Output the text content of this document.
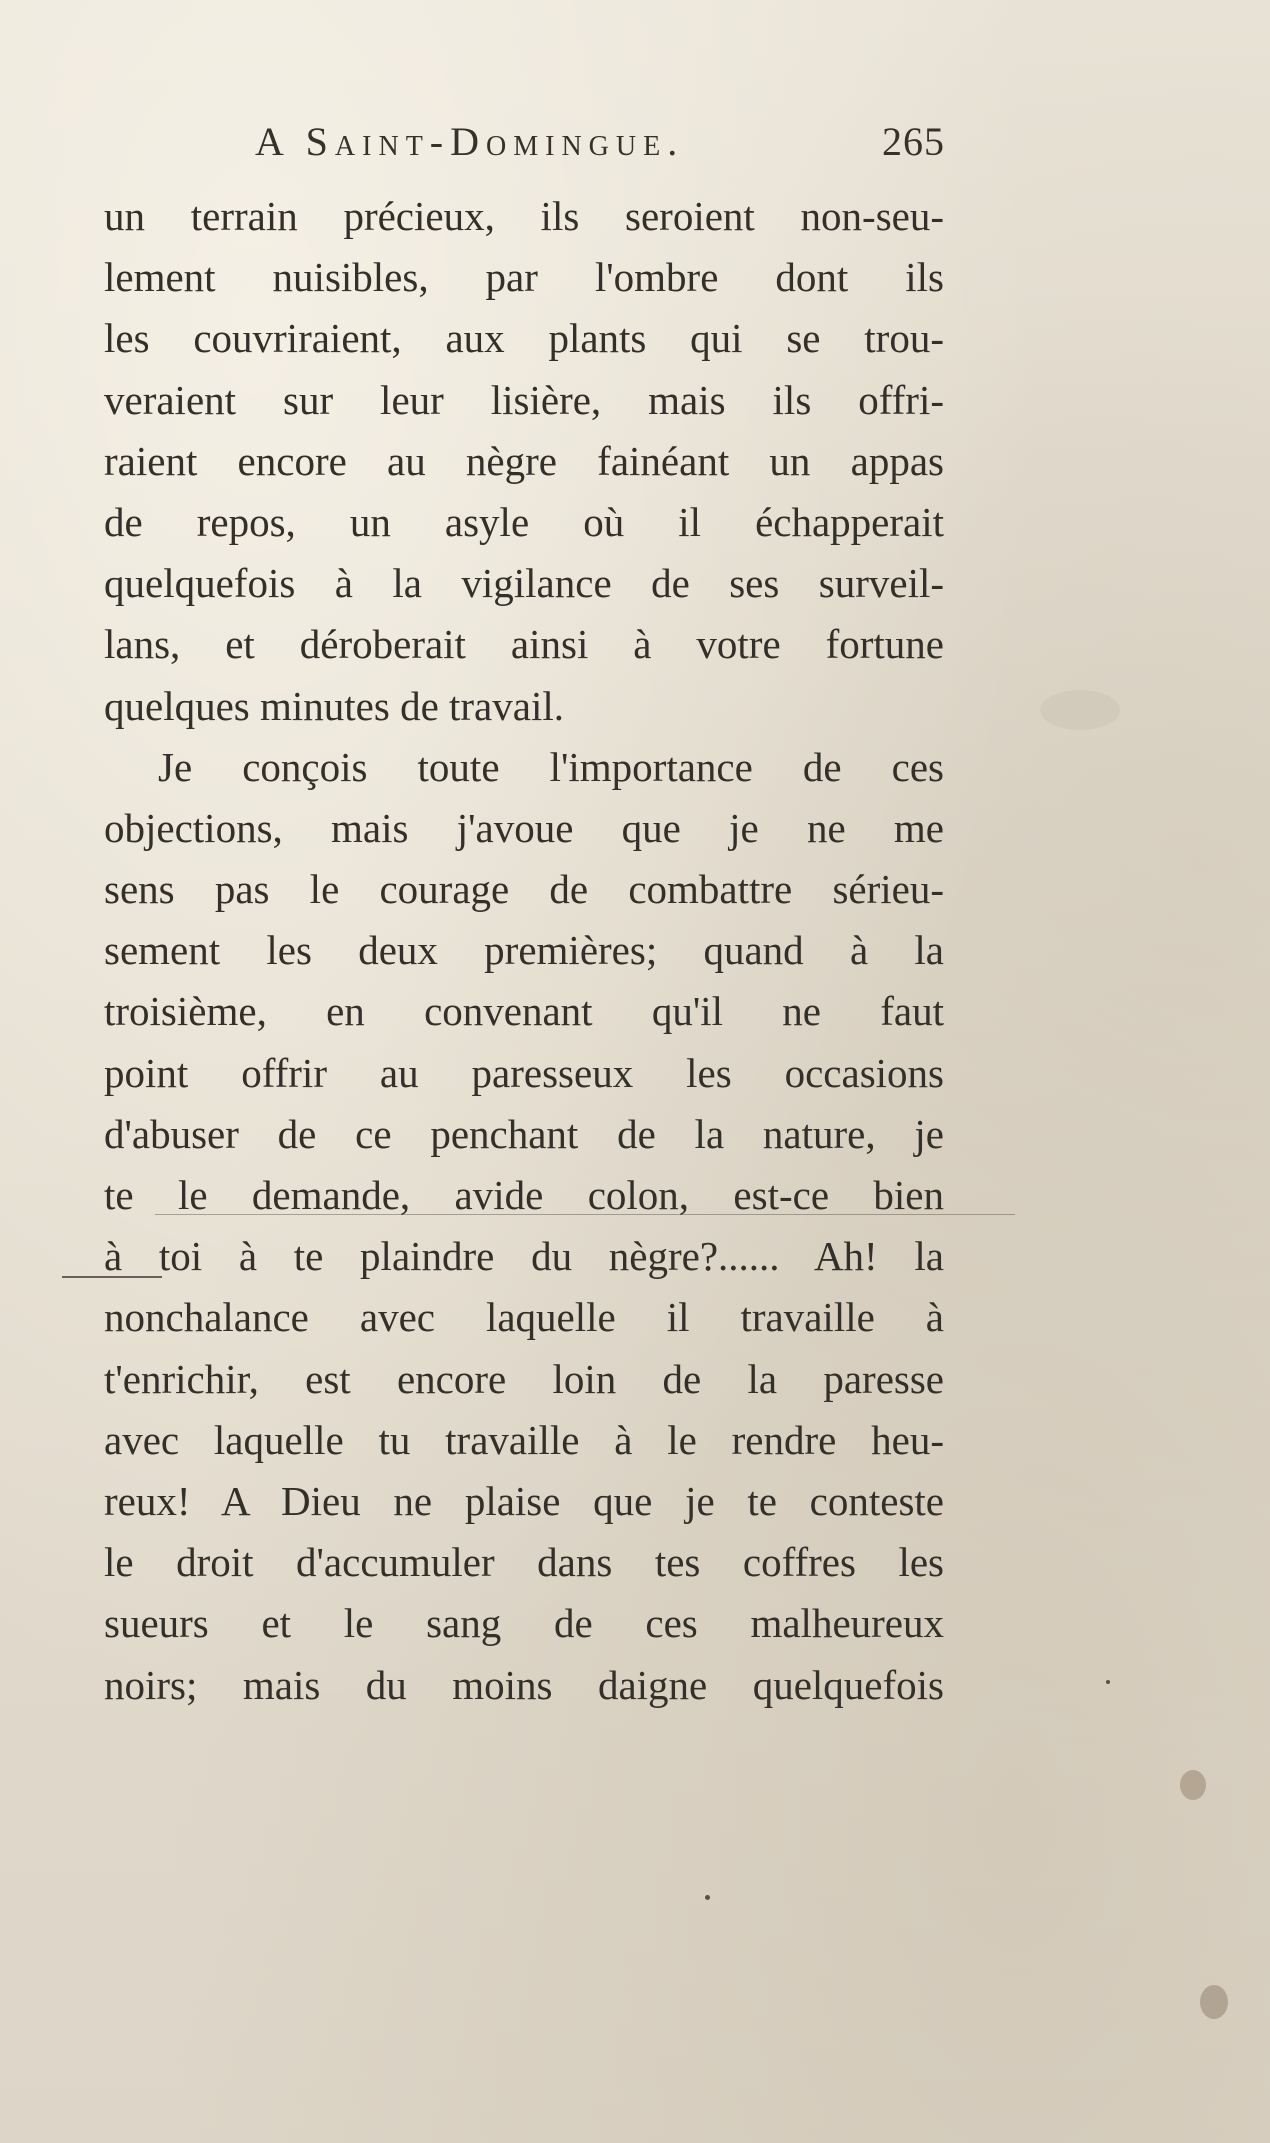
A Saint-Domingue.	265
un terrain précieux, ils seroient non-seu-
lement nuisibles, par l'ombre dont ils
les couvriraient, aux plants qui se trou-
veraient sur leur lisière, mais ils offri-
raient encore au nègre fainéant un appas
de repos, un asyle où il échapperait
quelquefois à la vigilance de ses surveil-
lans, et déroberait ainsi à votre fortune
quelques minutes de travail.
Je conçois toute l'importance de ces
objections, mais j'avoue que je ne me
sens pas le courage de combattre sérieu-
sement les deux premières; quand à la
troisième, en convenant qu'il ne faut
point offrir au paresseux les occasions
d'abuser de ce penchant de la nature, je
te le demande, avide colon, est-ce bien
à toi à te plaindre du nègre?...... Ah! la
nonchalance avec laquelle il travaille à
t'enrichir, est encore loin de la paresse
avec laquelle tu travaille à le rendre heu-
reux! A Dieu ne plaise que je te conteste
le droit d'accumuler dans tes coffres les
sueurs et le sang de ces malheureux
noirs; mais du moins daigne quelquefois
